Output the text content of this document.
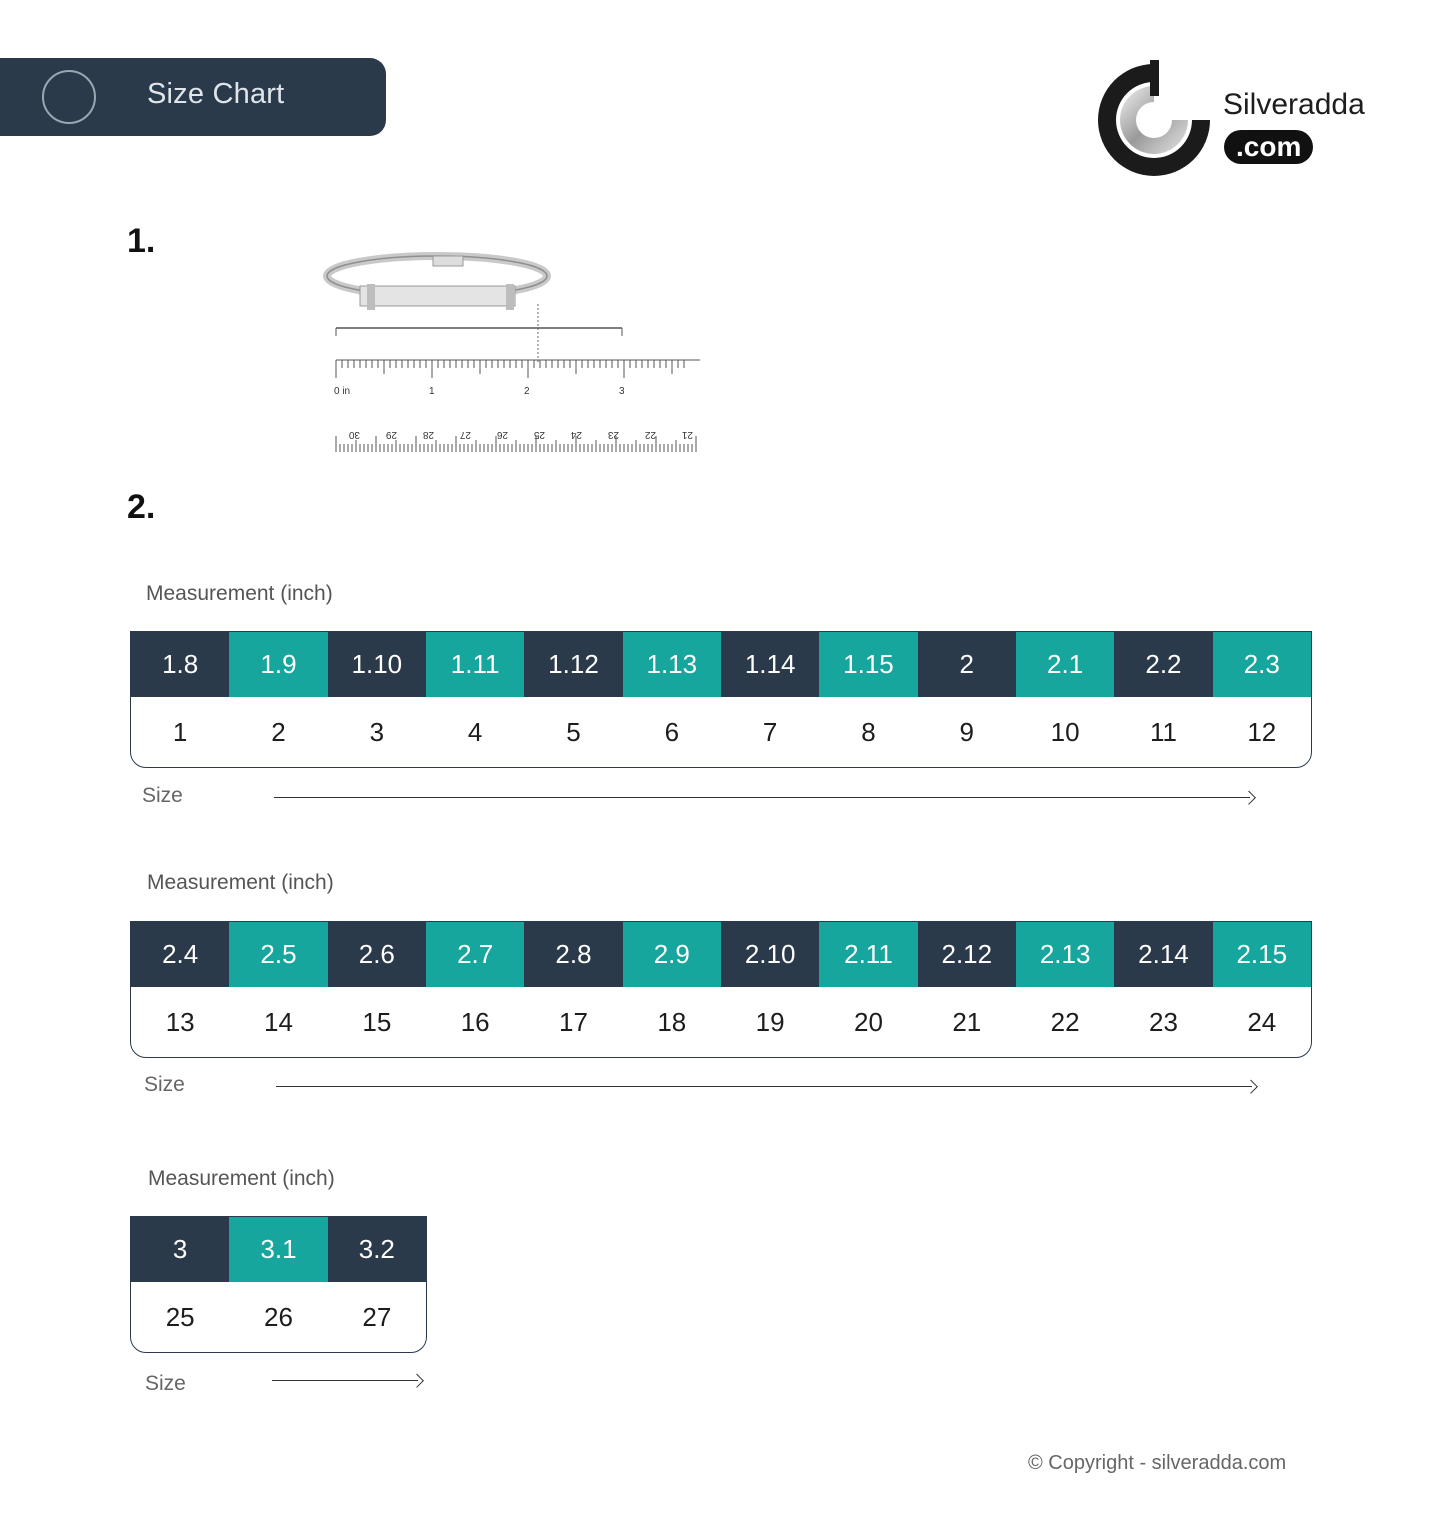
Size Chart	Silveradda
.com
1.
0 in	1	2	3
30	29	28	27	26	25	24	23	22	21
2.
Measurement (inch)
1.8	1.9	1.10	1.11	1.12	1.13	1.14	1.15	2	2.1	2.2	2.3
1	2	3	4	5	6	7	8	9	10	11	12
Size
Measurement (inch)
2.4	2.5	2.6	2.7	2.8	2.9	2.10	2.11	2.12	2.13	2.14	2.15
13	14	15	16	17	18	19	20	21	22	23	24
Size
Measurement (inch)
3	3.1	3.2
25	26	27
Size
© Copyright - silveradda.com
